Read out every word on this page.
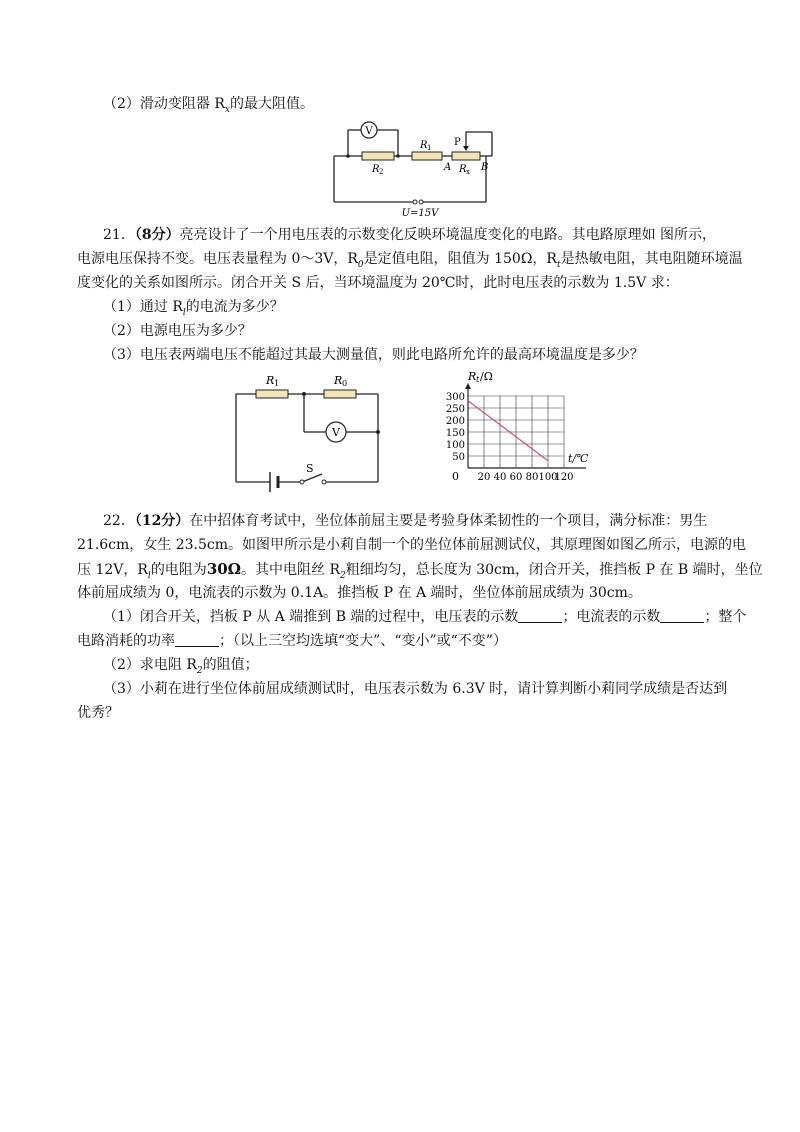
（2）滑动变阻器 $R_x$的最大阻值。
V
R 2
R 1 P
A	B
R x
U=15V
21．（8分）亮亮设计了一个用电压表的示数变化反映环境温度变化的电路。其电路原理如 图所示，
电源电压保持不变。电压表量程为 0～3V，$R_0$是定值电阻，阻值为 150Ω，$R_t$是热敏电阻，其电阻随环境温
度变化的关系如图所示。闭合开关 S 后，当环境温度为 20℃时，此时电压表的示数为 1.5V 求：
（1）通过 $R_l$的电流为多少？
（2）电源电压为多少？
（3）电压表两端电压不能超过其最大测量值，则此电路所允许的最高环境温度是多少？
V
R 1	R 0
S
300
250
200
150
100
50
20 40 60 80 100
120
R t /Ω
t/℃
0
22．（12分）在中招体育考试中，坐位体前屈主要是考验身体柔韧性的一个项目，满分标准：男生
21.6cm，女生 23.5cm。如图甲所示是小莉自制一个的坐位体前屈测试仪，其原理图如图乙所示，电源的电
压 12V，$R_l$的电阻为30Ω。其中电阻丝 $R_2$粗细均匀，总长度为 30cm，闭合开关，推挡板 P 在 B 端时，坐位
体前屈成绩为 0，电流表的示数为 0.1A。推挡板 P 在 A 端时，坐位体前屈成绩为 30cm。
（1）闭合开关，挡板 P 从 A 端推到 B 端的过程中，电压表的示数	；电流表的示数	；整个
电路消耗的功率	；（以上三空均选填“变大”、“变小”或“不变”）
（2）求电阻 $R_2$的阻值；
（3）小莉在进行坐位体前屈成绩测试时，电压表示数为 6.3V 时，请计算判断小莉同学成绩是否达到
优秀？
